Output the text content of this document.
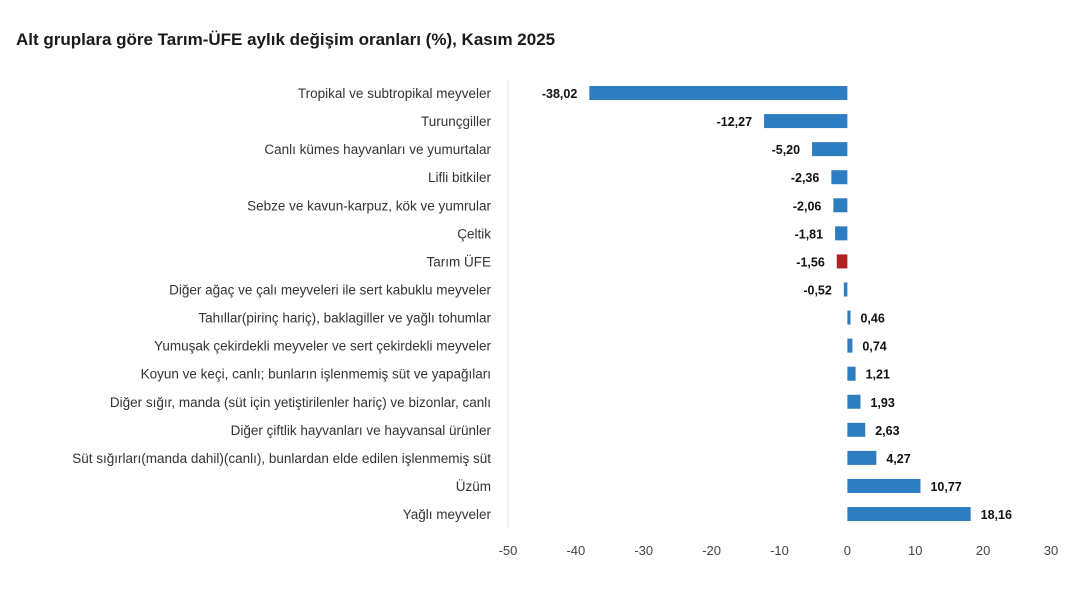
Alt gruplara göre Tarım-ÜFE aylık değişim oranları (%), Kasım 2025
-50	-40	-30	-20	-10	0	10	20	30
Tropikal ve subtropikal meyveler	-38,02
Turunçgiller	-12,27
Canlı kümes hayvanları ve yumurtalar	-5,20
Lifli bitkiler	-2,36
Sebze ve kavun-karpuz, kök ve yumrular	-2,06
Çeltik	-1,81
Tarım ÜFE	-1,56
Diğer ağaç ve çalı meyveleri ile sert kabuklu meyveler	-0,52
Tahıllar(pirinç hariç), baklagiller ve yağlı tohumlar	0,46
Yumuşak çekirdekli meyveler ve sert çekirdekli meyveler	0,74
Koyun ve keçi, canlı; bunların işlenmemiş süt ve yapağıları	1,21
Diğer sığır, manda (süt için yetiştirilenler hariç) ve bizonlar, canlı	1,93
Diğer çiftlik hayvanları ve hayvansal ürünler	2,63
Süt sığırları(manda dahil)(canlı), bunlardan elde edilen işlenmemiş süt	4,27
Üzüm	10,77
Yağlı meyveler	18,16
